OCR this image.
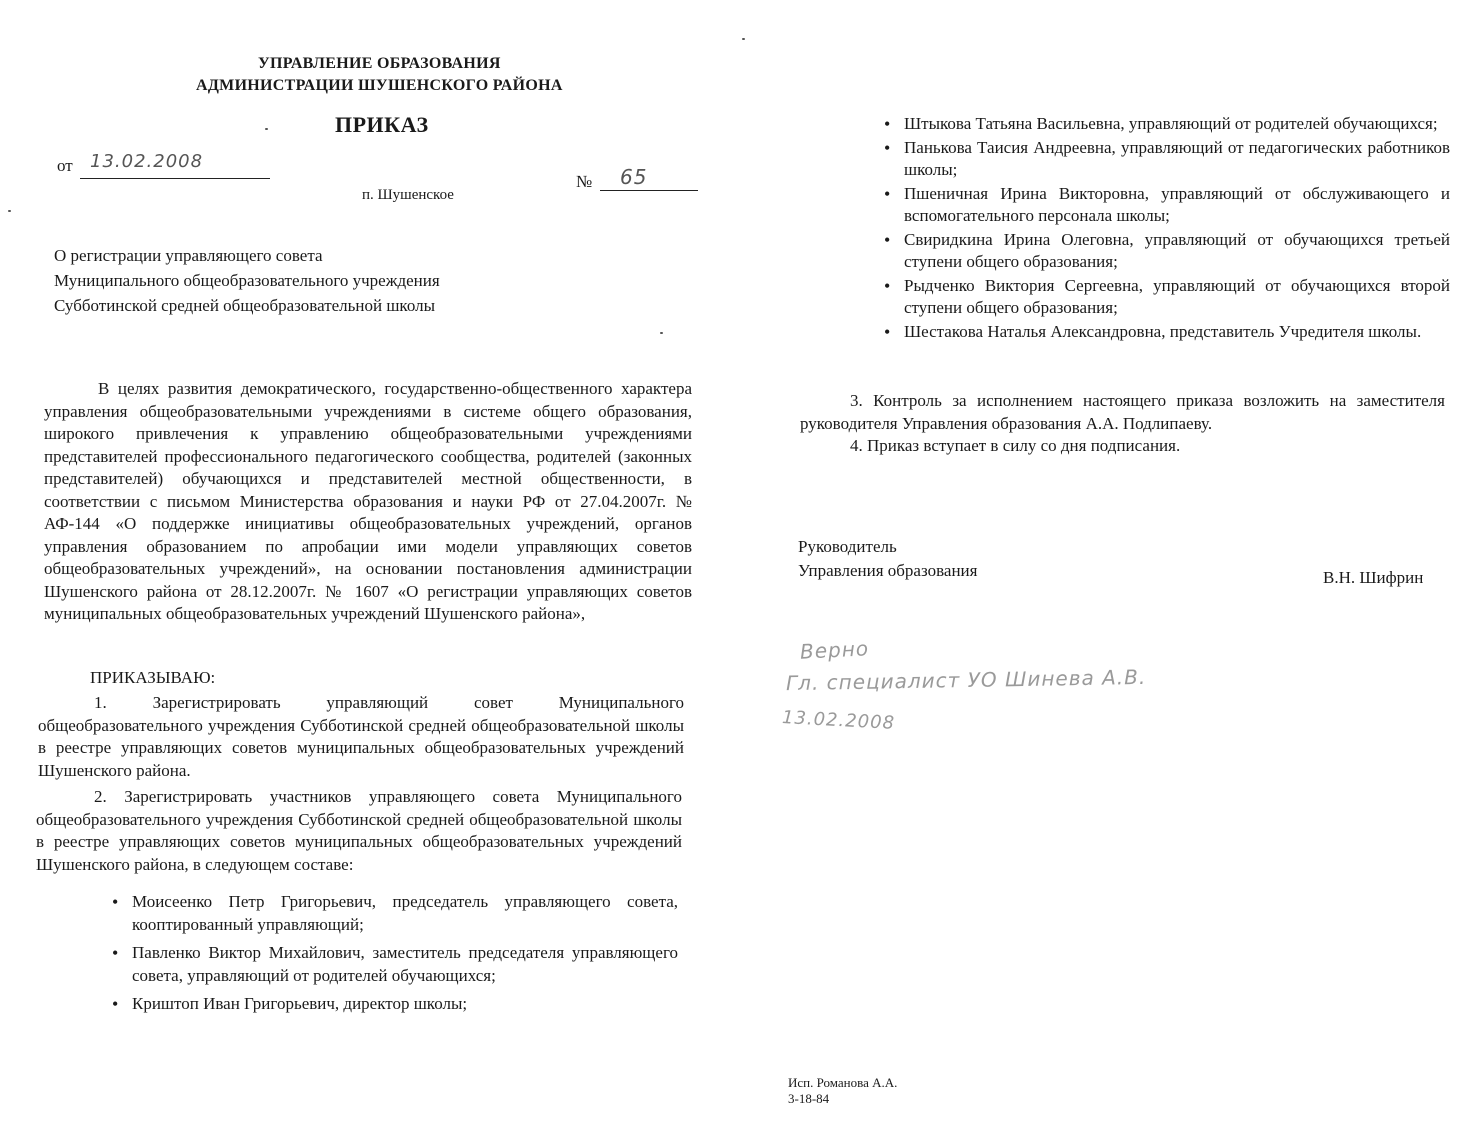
УПРАВЛЕНИЕ ОБРАЗОВАНИЯ
АДМИНИСТРАЦИИ ШУШЕНСКОГО РАЙОНА
ПРИКАЗ
от 13.02.2008
№ 65
п. Шушенское
О регистрации управляющего совета
Муниципального общеобразовательного учреждения
Субботинской средней общеобразовательной школы
В целях развития демократического, государственно-общественного характера управления общеобразовательными учреждениями в системе общего образования, широкого привлечения к управлению общеобразовательными учреждениями представителей профессионального педагогического сообщества, родителей (законных представителей) обучающихся и представителей местной общественности, в соответствии с письмом Министерства образования и науки РФ от 27.04.2007г. № АФ-144 «О поддержке инициативы общеобразовательных учреждений, органов управления образованием по апробации ими модели управляющих советов общеобразовательных учреждений», на основании постановления администрации Шушенского района от 28.12.2007г. № 1607 «О регистрации управляющих советов муниципальных общеобразовательных учреждений Шушенского района»,
ПРИКАЗЫВАЮ:
1. Зарегистрировать управляющий совет Муниципального общеобразовательного учреждения Субботинской средней общеобразовательной школы в реестре управляющих советов муниципальных общеобразовательных учреждений Шушенского района.
2. Зарегистрировать участников управляющего совета Муниципального общеобразовательного учреждения Субботинской средней общеобразовательной школы в реестре управляющих советов муниципальных общеобразовательных учреждений Шушенского района, в следующем составе:
• Моисеенко Петр Григорьевич, председатель управляющего совета, кооптированный управляющий;
• Павленко Виктор Михайлович, заместитель председателя управляющего совета, управляющий от родителей обучающихся;
• Криштоп Иван Григорьевич, директор школы;
• Штыкова Татьяна Васильевна, управляющий от родителей обучающихся;
• Панькова Таисия Андреевна, управляющий от педагогических работников школы;
• Пшеничная Ирина Викторовна, управляющий от обслуживающего и вспомогательного персонала школы;
• Свиридкина Ирина Олеговна, управляющий от обучающихся третьей ступени общего образования;
• Рыдченко Виктория Сергеевна, управляющий от обучающихся второй ступени общего образования;
• Шестакова Наталья Александровна, представитель Учредителя школы.
3. Контроль за исполнением настоящего приказа возложить на заместителя руководителя Управления образования А.А. Подлипаеву.
4. Приказ вступает в силу со дня подписания.
Руководитель
Управления образования	В.Н. Шифрин
Верно
Гл. специалист УО Шинева А.В.
13.02.2008
Исп. Романова А.А.
3-18-84
